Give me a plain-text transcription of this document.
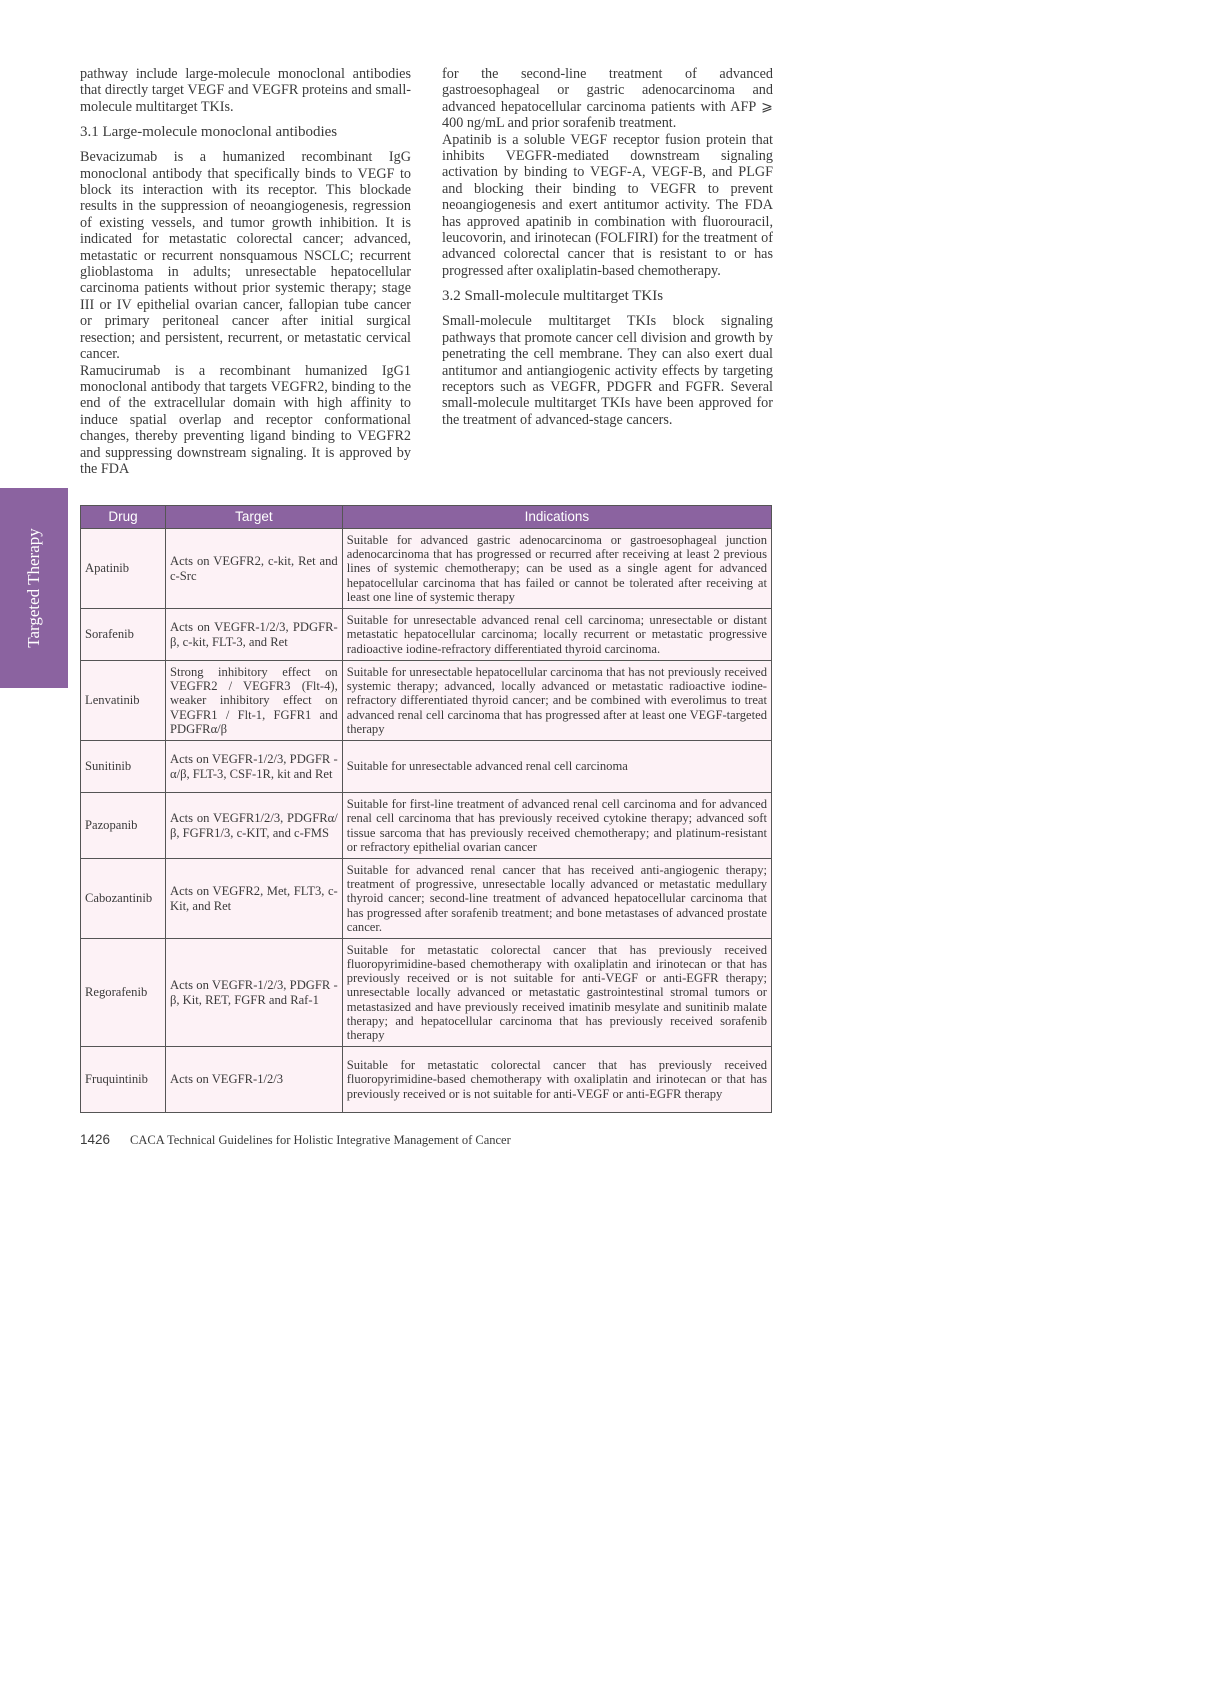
pathway include large-molecule monoclonal antibodies that directly target VEGF and VEGFR proteins and small-molecule multitarget TKIs.

3.1 Large-molecule monoclonal antibodies

Bevacizumab is a humanized recombinant IgG monoclonal antibody that specifically binds to VEGF to block its interaction with its receptor. This blockade results in the suppression of neoangiogenesis, regression of existing vessels, and tumor growth inhibition. It is indicated for metastatic colorectal cancer; advanced, metastatic or recurrent nonsquamous NSCLC; recurrent glioblastoma in adults; unresectable hepatocellular carcinoma patients without prior systemic therapy; stage III or IV epithelial ovarian cancer, fallopian tube cancer or primary peritoneal cancer after initial surgical resection; and persistent, recurrent, or metastatic cervical cancer.

Ramucirumab is a recombinant humanized IgG1 monoclonal antibody that targets VEGFR2, binding to the end of the extracellular domain with high affinity to induce spatial overlap and receptor conformational changes, thereby preventing ligand binding to VEGFR2 and suppressing downstream signaling. It is approved by the FDA

for the second-line treatment of advanced gastroesophageal or gastric adenocarcinoma and advanced hepatocellular carcinoma patients with AFP ⩾ 400 ng/mL and prior sorafenib treatment.

Apatinib is a soluble VEGF receptor fusion protein that inhibits VEGFR-mediated downstream signaling activation by binding to VEGF-A, VEGF-B, and PLGF and blocking their binding to VEGFR to prevent neoangiogenesis and exert antitumor activity. The FDA has approved apatinib in combination with fluorouracil, leucovorin, and irinotecan (FOLFIRI) for the treatment of advanced colorectal cancer that is resistant to or has progressed after oxaliplatin-based chemotherapy.

3.2 Small-molecule multitarget TKIs

Small-molecule multitarget TKIs block signaling pathways that promote cancer cell division and growth by penetrating the cell membrane. They can also exert dual antitumor and antiangiogenic activity effects by targeting receptors such as VEGFR, PDGFR and FGFR. Several small-molecule multitarget TKIs have been approved for the treatment of advanced-stage cancers.

Targeted Therapy
Drug	Target	Indications
Apatinib	Acts on VEGFR2, c-kit, Ret and c-Src	Suitable for advanced gastric adenocarcinoma or gastroesophageal junction adenocarcinoma that has progressed or recurred after receiving at least 2 previous lines of systemic chemotherapy; can be used as a single agent for advanced hepatocellular carcinoma that has failed or cannot be tolerated after receiving at least one line of systemic therapy
Sorafenib	Acts on VEGFR-1/2/3, PDGFR-β, c-kit, FLT-3, and Ret	Suitable for unresectable advanced renal cell carcinoma; unresectable or distant metastatic hepatocellular carcinoma; locally recurrent or metastatic progressive radioactive iodine-refractory differentiated thyroid carcinoma.
Lenvatinib	Strong inhibitory effect on VEGFR2 / VEGFR3 (Flt-4), weaker inhibitory effect on VEGFR1 / Flt-1, FGFR1 and PDGFRα/β	Suitable for unresectable hepatocellular carcinoma that has not previously received systemic therapy; advanced, locally advanced or metastatic radioactive iodine-refractory differentiated thyroid cancer; and be combined with everolimus to treat advanced renal cell carcinoma that has progressed after at least one VEGF-targeted therapy
Sunitinib	Acts on VEGFR-1/2/3, PDGFR - α/β, FLT-3, CSF-1R, kit and Ret	Suitable for unresectable advanced renal cell carcinoma
Pazopanib	Acts on VEGFR1/2/3, PDGFRα/β, FGFR1/3, c-KIT, and c-FMS	Suitable for first-line treatment of advanced renal cell carcinoma and for advanced renal cell carcinoma that has previously received cytokine therapy; advanced soft tissue sarcoma that has previously received chemotherapy; and platinum-resistant or refractory epithelial ovarian cancer
Cabozantinib	Acts on VEGFR2, Met, FLT3, c-Kit, and Ret	Suitable for advanced renal cancer that has received anti-angiogenic therapy; treatment of progressive, unresectable locally advanced or metastatic medullary thyroid cancer; second-line treatment of advanced hepatocellular carcinoma that has progressed after sorafenib treatment; and bone metastases of advanced prostate cancer.
Regorafenib	Acts on VEGFR-1/2/3, PDGFR - β, Kit, RET, FGFR and Raf-1	Suitable for metastatic colorectal cancer that has previously received fluoropyrimidine-based chemotherapy with oxaliplatin and irinotecan or that has previously received or is not suitable for anti-VEGF or anti-EGFR therapy; unresectable locally advanced or metastatic gastrointestinal stromal tumors or metastasized and have previously received imatinib mesylate and sunitinib malate therapy; and hepatocellular carcinoma that has previously received sorafenib therapy
Fruquintinib	Acts on VEGFR-1/2/3	Suitable for metastatic colorectal cancer that has previously received fluoropyrimidine-based chemotherapy with oxaliplatin and irinotecan or that has previously received or is not suitable for anti-VEGF or anti-EGFR therapy
1426 CACA Technical Guidelines for Holistic Integrative Management of Cancer
